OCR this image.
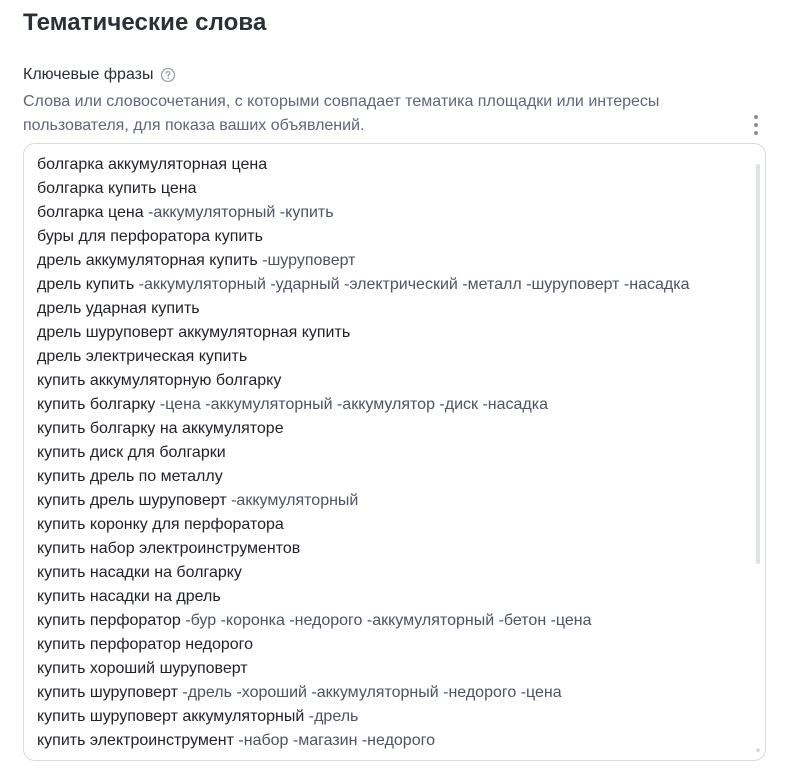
Тематические слова
Ключевые фразы
Слова или словосочетания, с которыми совпадает тематика площадки или интересы пользователя, для показа ваших объявлений.
болгарка аккумуляторная цена
болгарка купить цена
болгарка цена -аккумуляторный -купить
буры для перфоратора купить
дрель аккумуляторная купить -шуруповерт
дрель купить -аккумуляторный -ударный -электрический -металл -шуруповерт -насадка
дрель ударная купить
дрель шуруповерт аккумуляторная купить
дрель электрическая купить
купить аккумуляторную болгарку
купить болгарку -цена -аккумуляторный -аккумулятор -диск -насадка
купить болгарку на аккумуляторе
купить диск для болгарки
купить дрель по металлу
купить дрель шуруповерт -аккумуляторный
купить коронку для перфоратора
купить набор электроинструментов
купить насадки на болгарку
купить насадки на дрель
купить перфоратор -бур -коронка -недорого -аккумуляторный -бетон -цена
купить перфоратор недорого
купить хороший шуруповерт
купить шуруповерт -дрель -хороший -аккумуляторный -недорого -цена
купить шуруповерт аккумуляторный -дрель
купить электроинструмент -набор -магазин -недорого
▾
